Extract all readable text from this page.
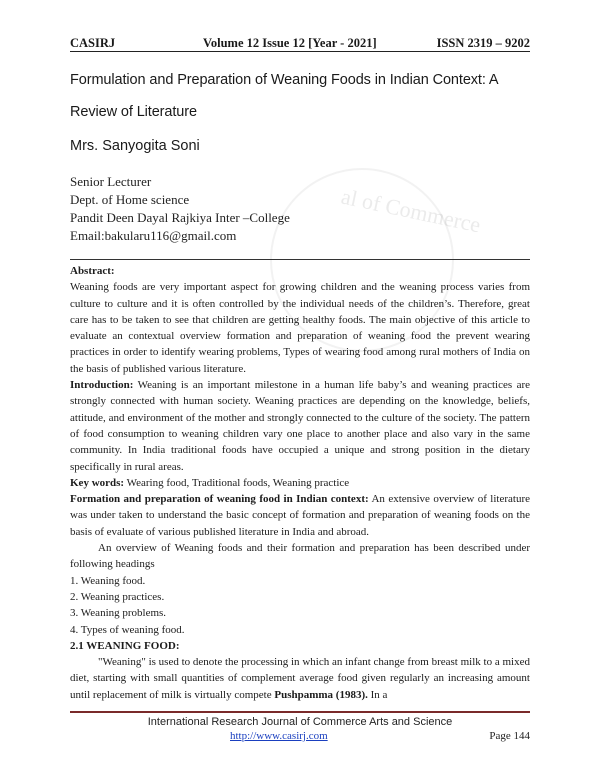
CASIRJ	Volume 12 Issue 12 [Year - 2021]	ISSN 2319 – 9202
al of Commerce
Formulation and Preparation of Weaning Foods in Indian Context: A
Review of Literature
Mrs. Sanyogita Soni
Senior Lecturer
Dept. of Home science
Pandit Deen Dayal Rajkiya Inter –College
Email:bakularu116@gmail.com

Abstract:

Weaning foods are very important aspect for growing children and the weaning process varies from culture to culture and it is often controlled by the individual needs of the children’s. Therefore, great care has to be taken to see that children are getting healthy foods. The main objective of this article to evaluate an contextual overview formation and preparation of weaning food the prevent wearing practices in order to identify wearing problems, Types of wearing food among rural mothers of India on the basis of published various literature.

Introduction: Weaning is an important milestone in a human life baby’s and weaning practices are strongly connected with human society. Weaning practices are depending on the knowledge, beliefs, attitude, and environment of the mother and strongly connected to the culture of the society. The pattern of food consumption to weaning children vary one place to another place and also vary in the same community. In India traditional foods have occupied a unique and strong position in the dietary specifically in rural areas.

Key words: Wearing food, Traditional foods, Weaning practice

Formation and preparation of weaning food in Indian context: An extensive overview of literature was under taken to understand the basic concept of formation and preparation of weaning foods on the basis of evaluate of various published literature in India and abroad.

An overview of Weaning foods and their formation and preparation has been described under following headings

1. Weaning food.
2. Weaning practices.
3. Weaning problems.
4. Types of weaning food.

2.1 WEANING FOOD:

"Weaning" is used to denote the processing in which an infant change from breast milk to a mixed diet, starting with small quantities of complement average food given regularly an increasing amount until replacement of milk is virtually compete Pushpamma (1983). In a

International Research Journal of Commerce Arts and Science
http://www.casirj.com	Page 144
